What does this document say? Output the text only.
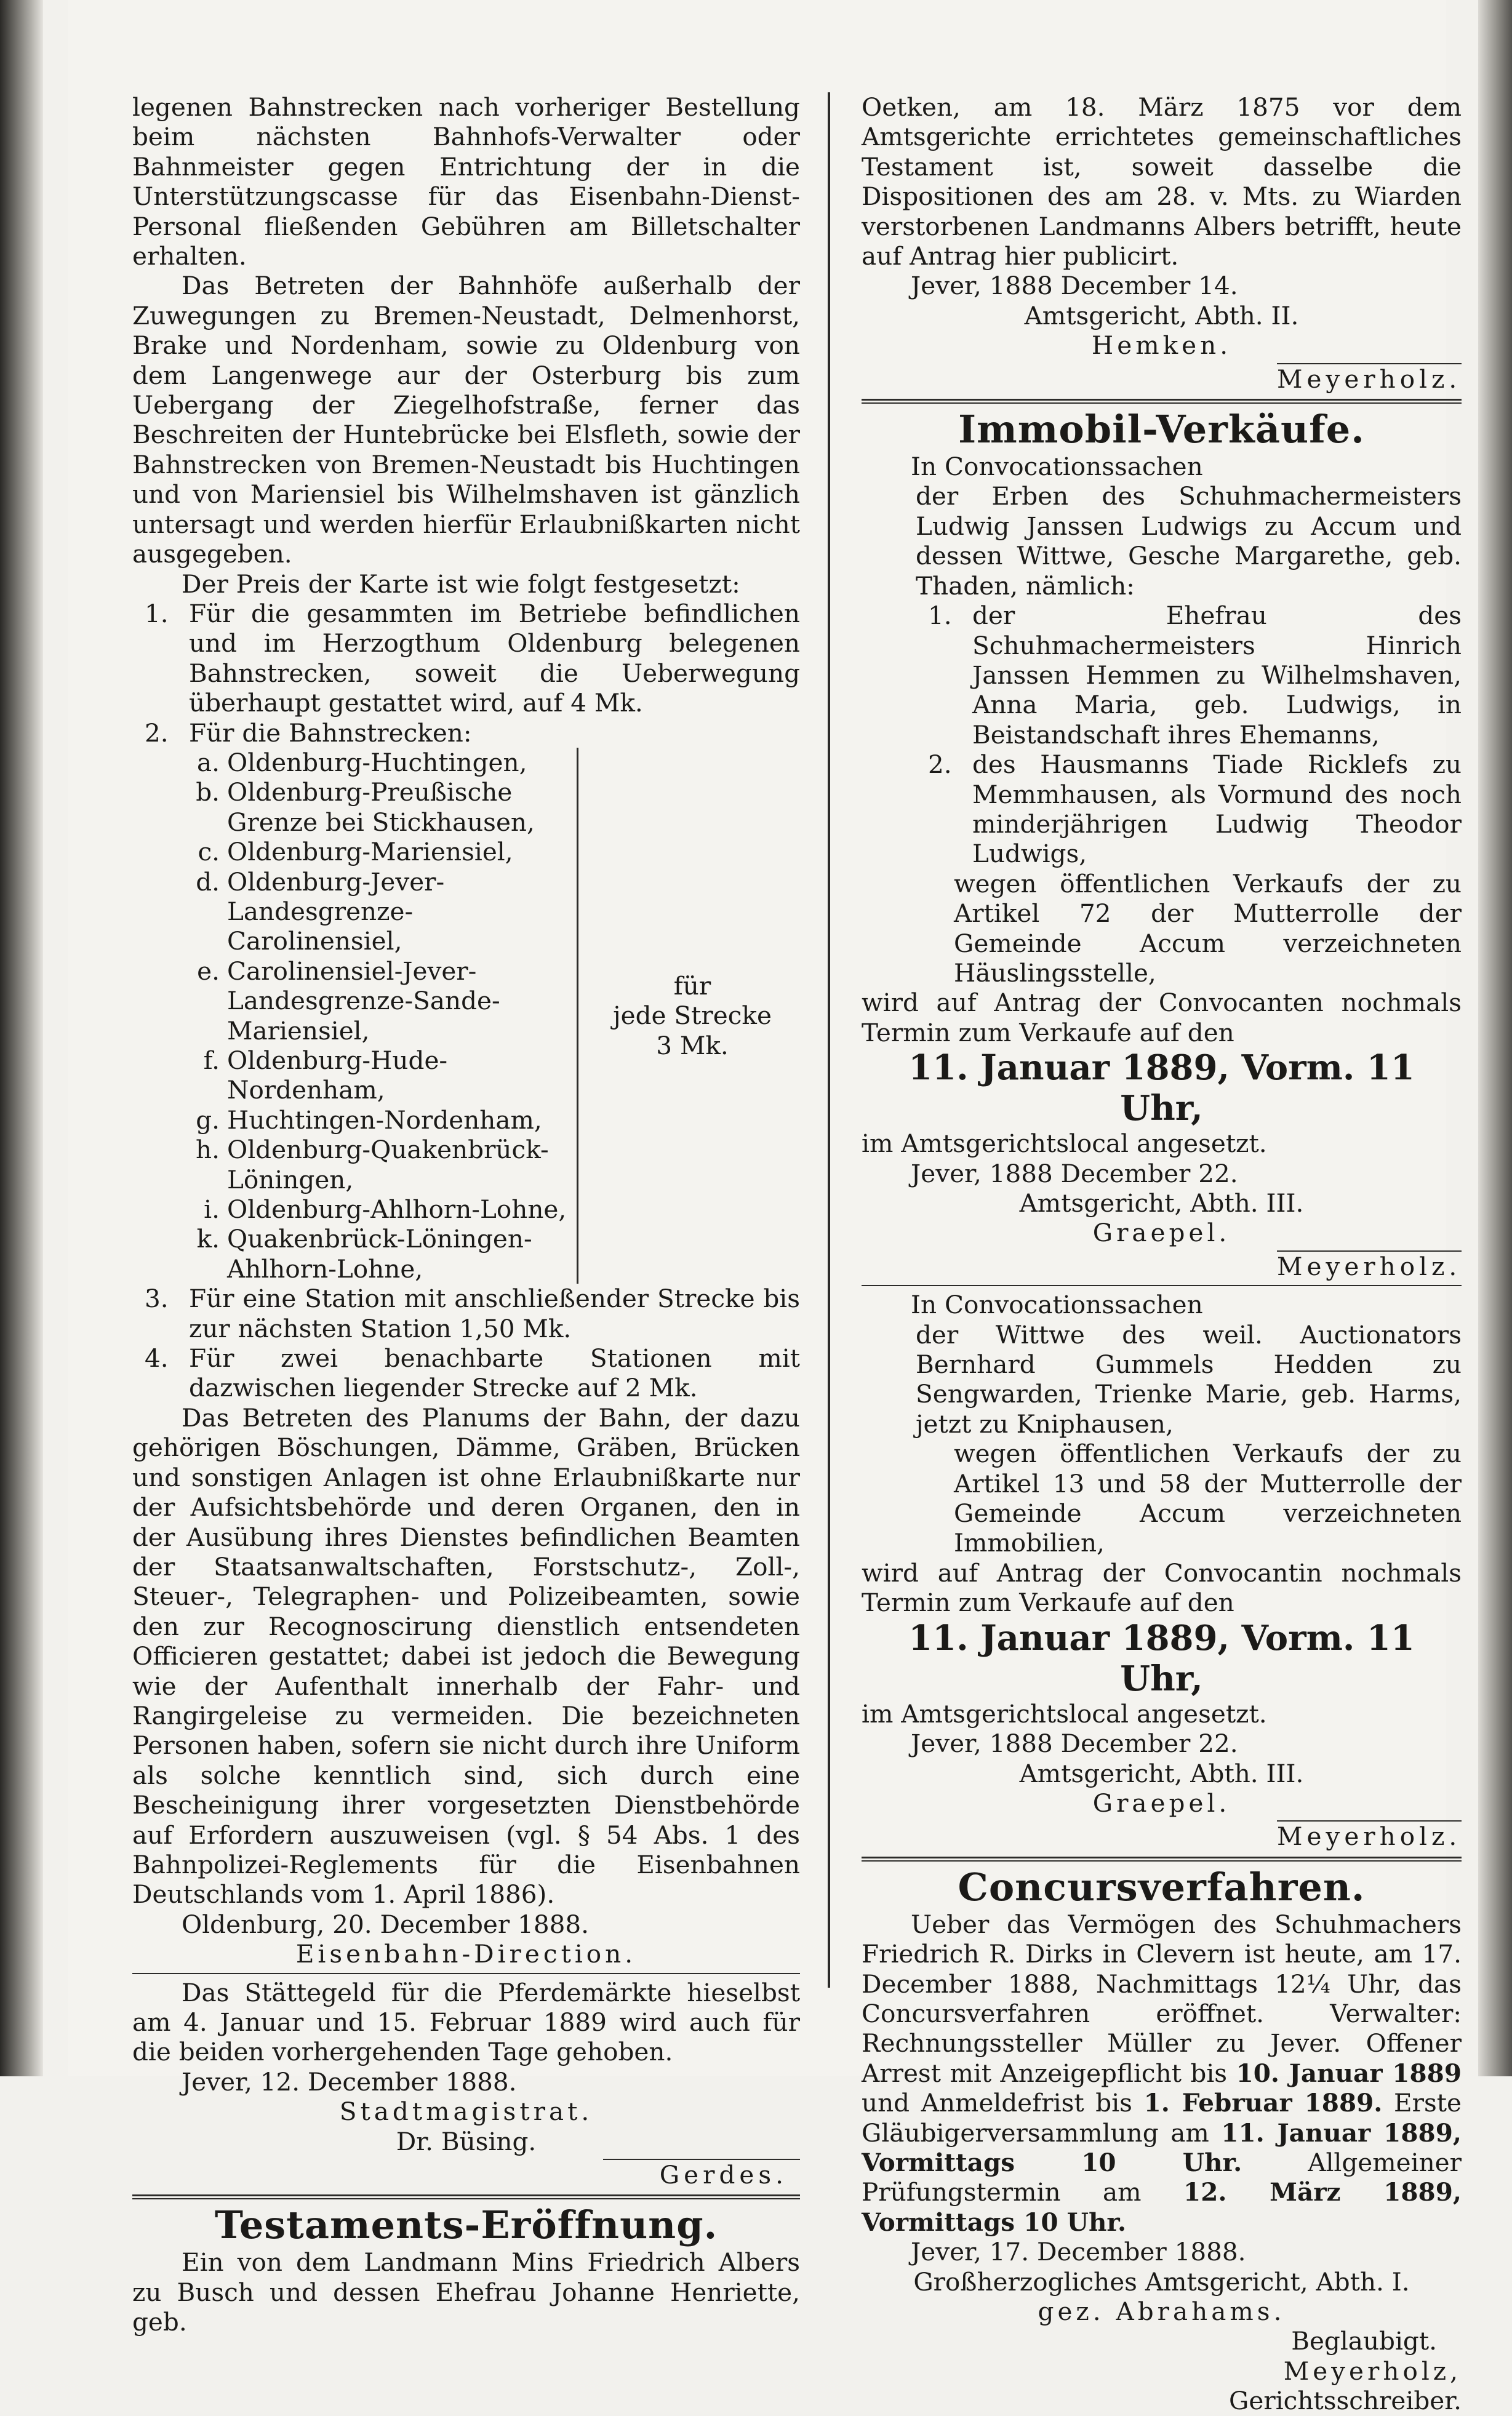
legenen Bahnstrecken nach vorheriger Bestellung beim nächsten Bahnhofs-Verwalter oder Bahnmeister gegen Entrichtung der in die Unterstützungscasse für das Eisenbahn-Dienst-Personal fließenden Gebühren am Billetschalter erhalten.

Das Betreten der Bahnhöfe außerhalb der Zuwegungen zu Bremen-Neustadt, Delmenhorst, Brake und Nordenham, sowie zu Oldenburg von dem Langenwege aur der Osterburg bis zum Uebergang der Ziegelhofstraße, ferner das Beschreiten der Huntebrücke bei Elsfleth, sowie der Bahnstrecken von Bremen-Neustadt bis Huchtingen und von Mariensiel bis Wilhelmshaven ist gänzlich untersagt und werden hierfür Erlaubnißkarten nicht ausgegeben.

Der Preis der Karte ist wie folgt festgesetzt:

1. Für die gesammten im Betriebe befindlichen und im Herzogthum Oldenburg belegenen Bahnstrecken, soweit die Ueberwegung überhaupt gestattet wird, auf 4 Mk.
2. Für die Bahnstrecken:

a. Oldenburg-Huchtingen,

b. Oldenburg-Preußische Grenze bei Stickhausen,

c. Oldenburg-Mariensiel,

d. Oldenburg-Jever-Landesgrenze-Carolinensiel,

e. Carolinensiel-Jever-Landesgrenze-Sande-Mariensiel,

f. Oldenburg-Hude-Nordenham,

g. Huchtingen-Nordenham,

h. Oldenburg-Quakenbrück-Löningen,

i. Oldenburg-Ahlhorn-Lohne,

k. Quakenbrück-Löningen-Ahlhorn-Lohne,

für
jede Strecke
3 Mk.
3. Für eine Station mit anschließender Strecke bis zur nächsten Station 1,50 Mk.
4. Für zwei benachbarte Stationen mit dazwischen liegender Strecke auf 2 Mk.

Das Betreten des Planums der Bahn, der dazu gehörigen Böschungen, Dämme, Gräben, Brücken und sonstigen Anlagen ist ohne Erlaubnißkarte nur der Aufsichtsbehörde und deren Organen, den in der Ausübung ihres Dienstes befindlichen Beamten der Staatsanwaltschaften, Forstschutz-, Zoll-, Steuer-, Telegraphen- und Polizeibeamten, sowie den zur Recognoscirung dienstlich entsendeten Officieren gestattet; dabei ist jedoch die Bewegung wie der Aufenthalt innerhalb der Fahr- und Rangirgeleise zu vermeiden. Die bezeichneten Personen haben, sofern sie nicht durch ihre Uniform als solche kenntlich sind, sich durch eine Bescheinigung ihrer vorgesetzten Dienstbehörde auf Erfordern auszuweisen (vgl. § 54 Abs. 1 des Bahnpolizei-Reglements für die Eisenbahnen Deutschlands vom 1. April 1886).

Oldenburg, 20. December 1888.

Eisenbahn-Direction.

Das Stättegeld für die Pferdemärkte hieselbst am 4. Januar und 15. Februar 1889 wird auch für die beiden vorhergehenden Tage gehoben.

Jever, 12. December 1888.

Stadtmagistrat.

Dr. Büsing.

Gerdes.

Testaments-Eröffnung.

Ein von dem Landmann Mins Friedrich Albers zu Busch und dessen Ehefrau Johanne Henriette, geb.

Oetken, am 18. März 1875 vor dem Amtsgerichte errichtetes gemeinschaftliches Testament ist, soweit dasselbe die Dispositionen des am 28. v. Mts. zu Wiarden verstorbenen Landmanns Albers betrifft, heute auf Antrag hier publicirt.

Jever, 1888 December 14.

Amtsgericht, Abth. II.

Hemken.

Meyerholz.

Immobil-Verkäufe.

In Convocationssachen

der Erben des Schuhmachermeisters Ludwig Janssen Ludwigs zu Accum und dessen Wittwe, Gesche Margarethe, geb. Thaden, nämlich:

1. der Ehefrau des Schuhmachermeisters Hinrich Janssen Hemmen zu Wilhelmshaven, Anna Maria, geb. Ludwigs, in Beistandschaft ihres Ehemanns,
2. des Hausmanns Tiade Ricklefs zu Memmhausen, als Vormund des noch minderjährigen Ludwig Theodor Ludwigs,

wegen öffentlichen Verkaufs der zu Artikel 72 der Mutterrolle der Gemeinde Accum verzeichneten Häuslingsstelle,

wird auf Antrag der Convocanten nochmals Termin zum Verkaufe auf den

11. Januar 1889, Vorm. 11 Uhr,

im Amtsgerichtslocal angesetzt.

Jever, 1888 December 22.

Amtsgericht, Abth. III.

Graepel.

Meyerholz.

In Convocationssachen

der Wittwe des weil. Auctionators Bernhard Gummels Hedden zu Sengwarden, Trienke Marie, geb. Harms, jetzt zu Kniphausen,

wegen öffentlichen Verkaufs der zu Artikel 13 und 58 der Mutterrolle der Gemeinde Accum verzeichneten Immobilien,

wird auf Antrag der Convocantin nochmals Termin zum Verkaufe auf den

11. Januar 1889, Vorm. 11 Uhr,

im Amtsgerichtslocal angesetzt.

Jever, 1888 December 22.

Amtsgericht, Abth. III.

Graepel.

Meyerholz.

Concursverfahren.

Ueber das Vermögen des Schuhmachers Friedrich R. Dirks in Clevern ist heute, am 17. December 1888, Nachmittags 12¼ Uhr, das Concursverfahren eröffnet. Verwalter: Rechnungssteller Müller zu Jever. Offener Arrest mit Anzeigepflicht bis 10. Januar 1889 und Anmeldefrist bis 1. Februar 1889. Erste Gläubigerversammlung am 11. Januar 1889, Vormittags 10 Uhr.	Allgemeiner Prüfungstermin am 12. März 1889, Vormittags 10 Uhr.

Jever, 17. December 1888.

Großherzogliches Amtsgericht, Abth. I.

gez. Abrahams.

Beglaubigt.

Meyerholz,

Gerichtsschreiber.
